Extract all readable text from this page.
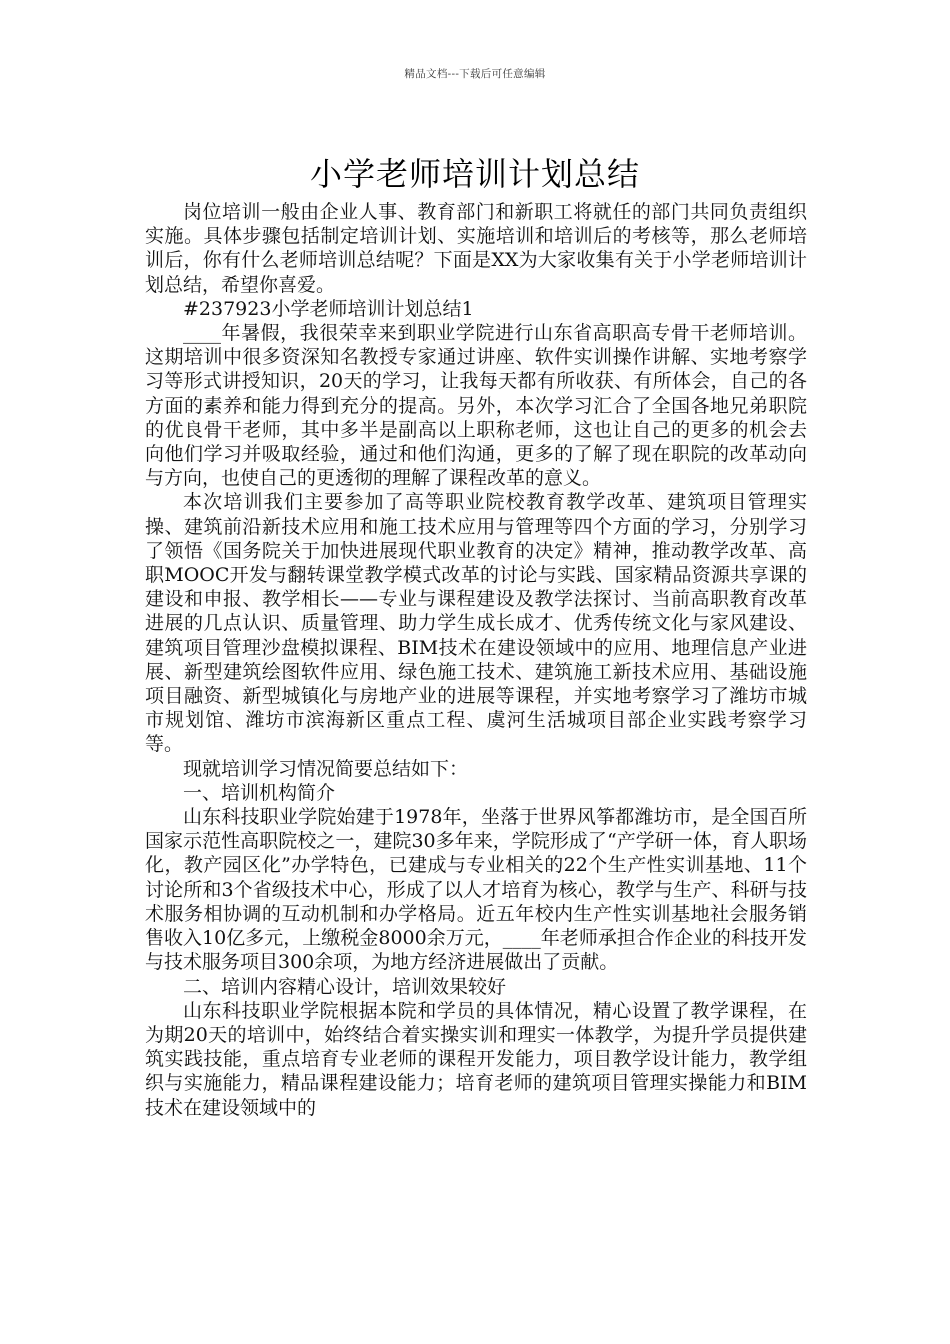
精品文档---下载后可任意编辑
小学老师培训计划总结

岗位培训一般由企业人事、教育部门和新职工将就任的部门共同负责组织实施。具体步骤包括制定培训计划、实施培训和培训后的考核等，那么老师培训后，你有什么老师培训总结呢？下面是XX为大家收集有关于小学老师培训计划总结，希望你喜爱。

#237923小学老师培训计划总结1

____年暑假，我很荣幸来到职业学院进行山东省高职高专骨干老师培训。这期培训中很多资深知名教授专家通过讲座、软件实训操作讲解、实地考察学习等形式讲授知识，20天的学习，让我每天都有所收获、有所体会，自己的各方面的素养和能力得到充分的提高。另外，本次学习汇合了全国各地兄弟职院的优良骨干老师，其中多半是副高以上职称老师，这也让自己的更多的机会去向他们学习并吸取经验，通过和他们沟通，更多的了解了现在职院的改革动向与方向，也使自己的更透彻的理解了课程改革的意义。

本次培训我们主要参加了高等职业院校教育教学改革、建筑项目管理实操、建筑前沿新技术应用和施工技术应用与管理等四个方面的学习，分别学习了领悟《国务院关于加快进展现代职业教育的决定》精神，推动教学改革、高职MOOC开发与翻转课堂教学模式改革的讨论与实践、国家精品资源共享课的建设和申报、教学相长——专业与课程建设及教学法探讨、当前高职教育改革进展的几点认识、质量管理、助力学生成长成才、优秀传统文化与家风建设、建筑项目管理沙盘模拟课程、BIM技术在建设领域中的应用、地理信息产业进展、新型建筑绘图软件应用、绿色施工技术、建筑施工新技术应用、基础设施项目融资、新型城镇化与房地产业的进展等课程，并实地考察学习了潍坊市城市规划馆、潍坊市滨海新区重点工程、虞河生活城项目部企业实践考察学习等。

现就培训学习情况简要总结如下：

一、培训机构简介

山东科技职业学院始建于1978年，坐落于世界风筝都潍坊市，是全国百所国家示范性高职院校之一，建院30多年来，学院形成了“产学研一体，育人职场化，教产园区化”办学特色，已建成与专业相关的22个生产性实训基地、11个讨论所和3个省级技术中心，形成了以人才培育为核心，教学与生产、科研与技术服务相协调的互动机制和办学格局。近五年校内生产性实训基地社会服务销售收入10亿多元，上缴税金8000余万元，____年老师承担合作企业的科技开发与技术服务项目300余项，为地方经济进展做出了贡献。

二、培训内容精心设计，培训效果较好

山东科技职业学院根据本院和学员的具体情况，精心设置了教学课程，在为期20天的培训中，始终结合着实操实训和理实一体教学，为提升学员提供建筑实践技能，重点培育专业老师的课程开发能力，项目教学设计能力，教学组织与实施能力，精品课程建设能力；培育老师的建筑项目管理实操能力和BIM技术在建设领域中的
